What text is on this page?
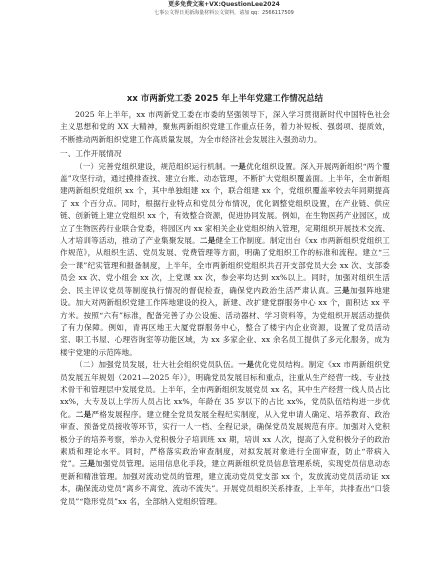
更多免费文案+VX:QuestionLee2024
七事公文得日更新海量材料公文资料，请加 qq：2566117509
xx 市两新党工委 2025 年上半年党建工作情况总结

2025 年上半年，xx 市两新党工委在市委的坚强领导下，深入学习贯彻新时代中国特色社会主义思想和党的 XX 大精神，聚焦两新组织党建工作重点任务，着力补短板、强弱项、提质效，不断推动两新组织党建工作高质量发展，为全市经济社会发展注入强劲动力。

一、工作开展情况

（一）完善党组织建设，规范组织运行机制。一是优化组织设置。深入开展两新组织“两个覆盖”攻坚行动，通过摸排查找、建立台账、动态管理，不断扩大党组织覆盖面。上半年，全市新组建两新组织党组织 xx 个，其中单独组建 xx 个，联合组建 xx 个，党组织覆盖率较去年同期提高了 xx 个百分点。同时，根据行业特点和党员分布情况，优化调整党组织设置，在产业链、供应链、创新链上建立党组织 xx 个，有效整合资源，促进协同发展。例如，在生物医药产业园区，成立了生物医药行业联合党委，将园区内 xx 家相关企业党组织纳入管理，定期组织开展技术交流、人才培训等活动，推动了产业集聚发展。二是健全工作制度。制定出台《xx 市两新组织党组织工作规范》，从组织生活、党员发展、党费管理等方面，明确了党组织工作的标准和流程。建立“三会一课”纪实管理和报备制度，上半年，全市两新组织党组织共召开支部党员大会 xx 次、支部委员会 xx 次、党小组会 xx 次，上党课 xx 次，参会率均达到 xx%以上。同时，加强对组织生活会、民主评议党员等制度执行情况的督促检查，确保党内政治生活严肃认真。三是加强阵地建设。加大对两新组织党建工作阵地建设的投入，新建、改扩建党群服务中心 xx 个，面积达 xx 平方米。按照“六有”标准，配备完善了办公设施、活动器材、学习资料等，为党组织开展活动提供了有力保障。例如，青再区地王大厦党群服务中心，整合了楼宇内企业资源，设置了党员活动室、职工书屋、心理咨询室等功能区域，为 xx 多家企业、xx 余名员工提供了多元化服务，成为楼宇党建的示范阵地。

（二）加强党员发展，壮大社会组织党员队伍。一是优化党员结构。制定《xx 市两新组织党员发展五年规划（2021—2025 年）》，明确党员发展目标和重点，注重从生产经营一线、专业技术骨干和管理层中发展党员。上半年，全市两新组织发展党员 xx 名，其中生产经营一线人员占比 xx%，大专及以上学历人员占比 xx%，年龄在 35 岁以下的占比 xx%，党员队伍结构进一步优化。二是严格发展程序。建立健全党员发展全程纪实制度，从入党申请人确定、培养教育、政治审查、预备党员接收等环节，实行一人一档、全程记录，确保党员发展规范有序。加强对入党积极分子的培养考察，举办入党积极分子培训班 xx 期，培训 xx 人次，提高了入党积极分子的政治素质和理论水平。同时，严格落实政治审查制度，对拟发展对象进行全面审查，防止“带病入党”。三是加强党员管理。运用信息化手段，建立两新组织党员信息管理系统，实现党员信息动态更新和精准管理。加强对流动党员的管理，建立流动党员党支部 xx 个，发放流动党员活动证 xx 本，确保流动党员“离乡不离党、流动不流失”。开展党员组织关系排查，上半年，共排查出“口袋党员”“隐形党员”xx 名，全部纳入党组织管理。
